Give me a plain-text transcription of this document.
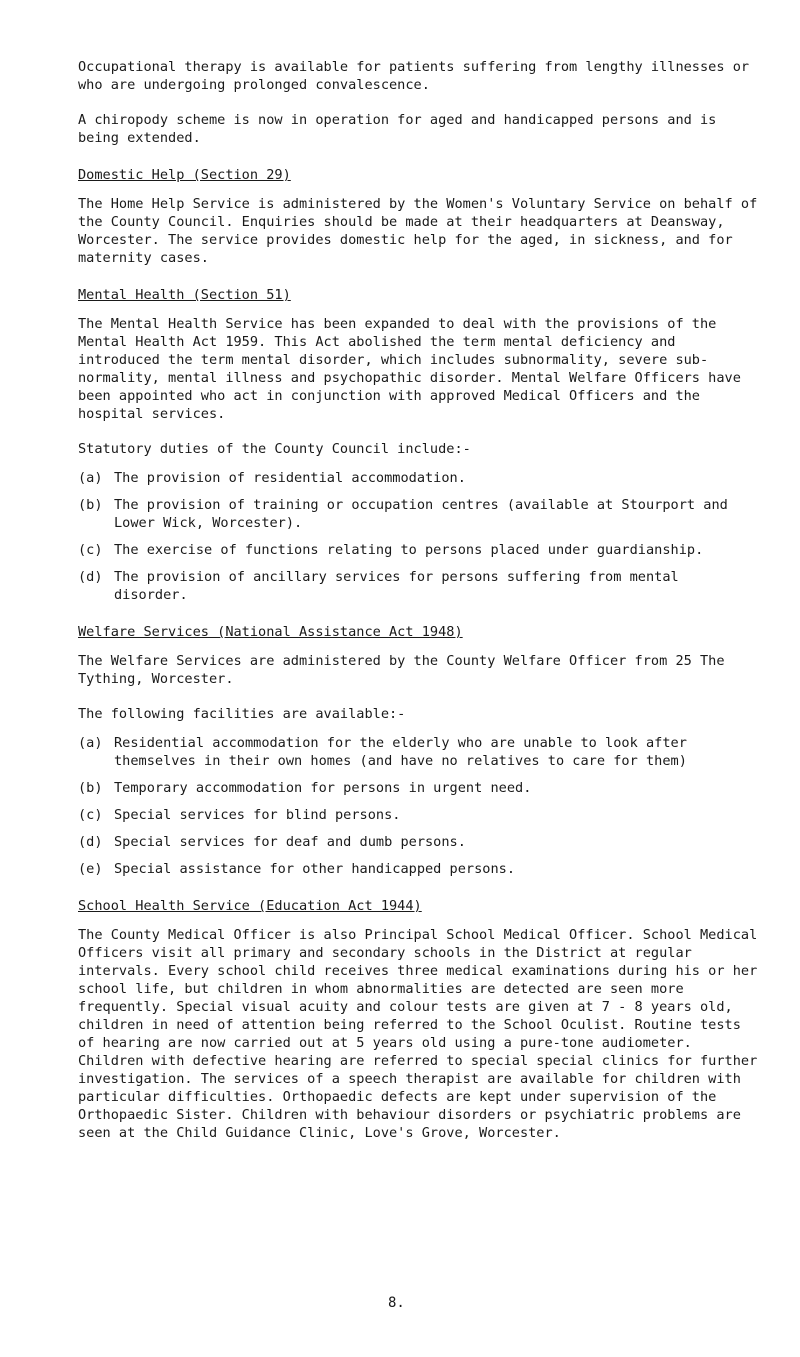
Occupational therapy is available for patients suffering from lengthy illnesses or who are undergoing prolonged convalescence.

A chiropody scheme is now in operation for aged and handicapped persons and is being extended.

Domestic Help (Section 29)

The Home Help Service is administered by the Women's Voluntary Service on behalf of the County Council. Enquiries should be made at their headquarters at Deansway, Worcester. The service provides domestic help for the aged, in sickness, and for maternity cases.

Mental Health (Section 51)

The Mental Health Service has been expanded to deal with the provisions of the Mental Health Act 1959. This Act abolished the term mental deficiency and introduced the term mental disorder, which includes subnormality, severe sub-normality, mental illness and psychopathic disorder. Mental Welfare Officers have been appointed who act in conjunction with approved Medical Officers and the hospital services.

Statutory duties of the County Council include:-

(a) The provision of residential accommodation.
(b) The provision of training or occupation centres (available at Stourport and Lower Wick, Worcester).
(c) The exercise of functions relating to persons placed under guardianship.
(d) The provision of ancillary services for persons suffering from mental disorder.

Welfare Services (National Assistance Act 1948)

The Welfare Services are administered by the County Welfare Officer from 25 The Tything, Worcester.

The following facilities are available:-

(a) Residential accommodation for the elderly who are unable to look after themselves in their own homes (and have no relatives to care for them)
(b) Temporary accommodation for persons in urgent need.
(c) Special services for blind persons.
(d) Special services for deaf and dumb persons.
(e) Special assistance for other handicapped persons.

School Health Service (Education Act 1944)

The County Medical Officer is also Principal School Medical Officer. School Medical Officers visit all primary and secondary schools in the District at regular intervals. Every school child receives three medical examinations during his or her school life, but children in whom abnormalities are detected are seen more frequently. Special visual acuity and colour tests are given at 7 - 8 years old, children in need of attention being referred to the School Oculist. Routine tests of hearing are now carried out at 5 years old using a pure-tone audiometer. Children with defective hearing are referred to special special clinics for further investigation. The services of a speech therapist are available for children with particular difficulties. Orthopaedic defects are kept under supervision of the Orthopaedic Sister. Children with behaviour disorders or psychiatric problems are seen at the Child Guidance Clinic, Love's Grove, Worcester.

8.
